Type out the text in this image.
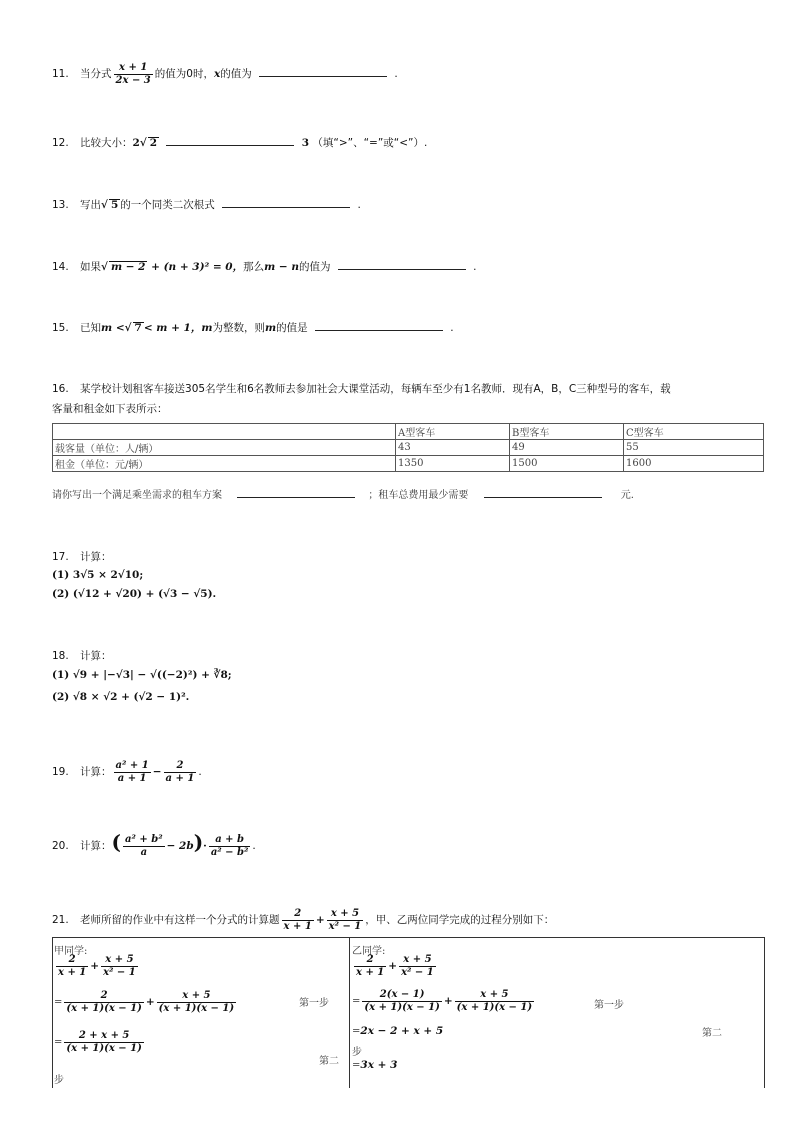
11. 当分式 $\frac{x + 1}{2x - 3}$ 的值为0时，x的值为	.
12. 比较大小：2√ 2	3 （填“>”、“=”或“<”）.
13. 写出√ 5 的一个同类二次根式	.
14. 如果√ m − 2 + (n + 3)² = 0，那么m − n的值为	.
15. 已知m <√ 7 < m + 1，m为整数，则m的值是	.
16. 某学校计划租客车接送305名学生和6名教师去参加社会大课堂活动，每辆车至少有1名教师．现有A，B，C三种型号的客车，载
客量和租金如下表所示：
	A型客车	B型客车	C型客车
载客量（单位：人/辆）	43	49	55
租金（单位：元/辆）	1350	1500	1600
请你写出一个满足乘坐需求的租车方案	；租车总费用最少需要	元.
17. 计算：
(1) 3√5 × 2√10;
(2) (√12 + √20) + (√3 − √5).
18. 计算：
(1) √9 + |−√3| − √((−2)²) + ∛8;
(2) √8 × √2 + (√2 − 1)².
19. 计算： $\frac{\text{a² + 1}}{a + 1} - \frac{2}{a + 1}$ .
20. 计算：( $\frac{\text{a² + b²}}{a} - 2b)\cdot \frac{a + b}{\text{a² − b²}}$ .
21. 老师所留的作业中有这样一个分式的计算题 $\frac{2}{x + 1} + \frac{x + 5}{\text{x² − 1}}$ ，甲、乙两位同学完成的过程分别如下：
甲同学:
$\frac{2}{x + 1} + \frac{x + 5}{\text{x² − 1}}$
= $\frac{2}{(x + 1)(x - 1)} + \frac{x + 5}{(x + 1)(x - 1)}$	第一步
= $\frac{2 + x + 5}{(x + 1)(x - 1)}$
第二
步
乙同学:
$\frac{2}{x + 1} + \frac{x + 5}{\text{x² − 1}}$
= $\frac{2(x - 1)}{(x + 1)(x - 1)} + \frac{x + 5}{(x + 1)(x - 1)}$	第一步
=2x − 2 + x + 5	第二
步
=3x + 3
